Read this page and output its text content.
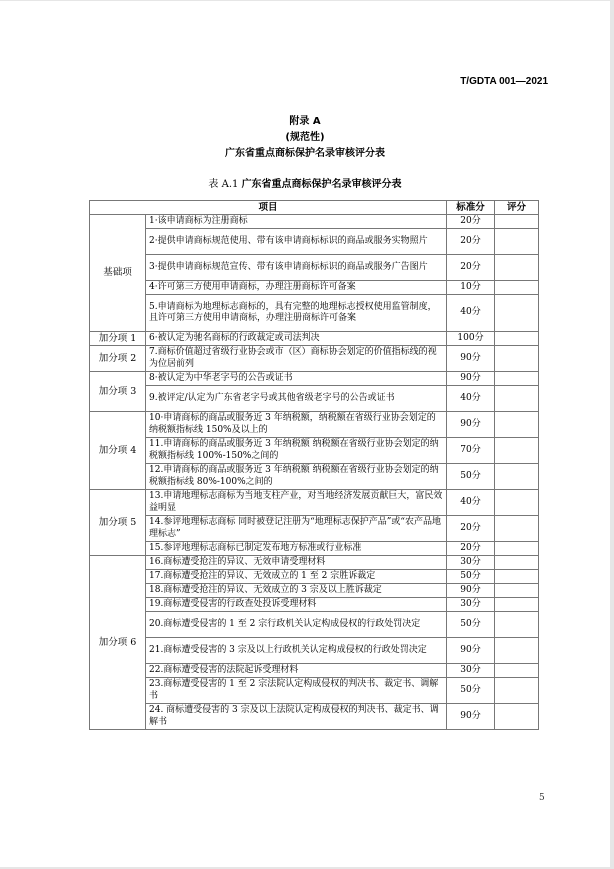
T/GDTA 001—2021
附录 A
(规范性)
广东省重点商标保护名录审核评分表
表 A.1 广东省重点商标保护名录审核评分表
项目		标准分	评分
基础项	1·该申请商标为注册商标	20分	
	2·提供申请商标规范使用、带有该申请商标标识的商品或服务实物照片	20分	
	3·提供申请商标规范宣传、带有该申请商标标识的商品或服务广告图片	20分	
	4·许可第三方使用申请商标，办理注册商标许可备案	10分	
	5.申请商标为地理标志商标的，具有完整的地理标志授权使用监管制度，且许可第三方使用申请商标，办理注册商标许可备案	40分	
加分项 1	6·被认定为驰名商标的行政裁定或司法判决	100分	
加分项 2	7.商标价值超过省级行业协会或市（区）商标协会划定的价值指标线的视为位居前列	90分	
加分项 3	8·被认定为中华老字号的公告或证书	90分	
	9.被评定/认定为广东省老字号或其他省级老字号的公告或证书	40分	
加分项 4	10·申请商标的商品或服务近 3 年纳税额，纳税额在省级行业协会划定的纳税额指标线 150%及以上的	90分	
	11.申请商标的商品或服务近 3 年纳税额 纳税额在省级行业协会划定的纳税额指标线 100%-150%之间的	70分	
	12.申请商标的商品或服务近 3 年纳税额 纳税额在省级行业协会划定的纳税额指标线 80%-100%之间的	50分	
加分项 5	13.申请地理标志商标为当地支柱产业，对当地经济发展贡献巨大，富民效益明显	40分	
	14.参评地理标志商标 同时被登记注册为“地理标志保护产品”或“农产品地理标志”	20分	
	15.参评地理标志商标已制定发布地方标准或行业标准	20分	
加分项 6	16.商标遭受抢注的异议、无效申请受理材料	30分	
	17.商标遭受抢注的异议、无效成立的 1 至 2 宗胜诉裁定	50分	
	18.商标遭受抢注的异议、无效成立的 3 宗及以上胜诉裁定	90分	
	19.商标遭受侵害的行政查处投诉受理材料	30分	
	20.商标遭受侵害的 1 至 2 宗行政机关认定构成侵权的行政处罚决定	50分	
	21.商标遭受侵害的 3 宗及以上行政机关认定构成侵权的行政处罚决定	90分	
	22.商标遭受侵害的法院起诉受理材料	30分	
	23.商标遭受侵害的 1 至 2 宗法院认定构成侵权的判决书、裁定书、调解书	50分	
	24. 商标遭受侵害的 3 宗及以上法院认定构成侵权的判决书、裁定书、调解书	90分	
5
